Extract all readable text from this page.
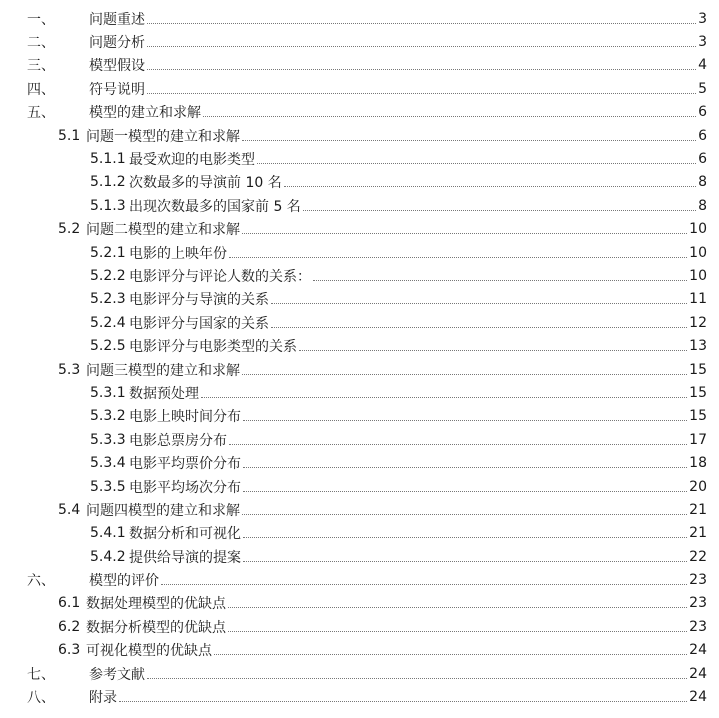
一、 问题重述	3
二、 问题分析	3
三、 模型假设	4
四、 符号说明	5
五、 模型的建立和求解	6
5.1 问题一模型的建立和求解	6
5.1.1 最受欢迎的电影类型	6
5.1.2 次数最多的导演前 10 名	8
5.1.3 出现次数最多的国家前 5 名	8
5.2 问题二模型的建立和求解	10
5.2.1 电影的上映年份	10
5.2.2 电影评分与评论人数的关系：	10
5.2.3 电影评分与导演的关系	11
5.2.4 电影评分与国家的关系	12
5.2.5 电影评分与电影类型的关系	13
5.3 问题三模型的建立和求解	15
5.3.1 数据预处理	15
5.3.2 电影上映时间分布	15
5.3.3 电影总票房分布	17
5.3.4 电影平均票价分布	18
5.3.5 电影平均场次分布	20
5.4 问题四模型的建立和求解	21
5.4.1 数据分析和可视化	21
5.4.2 提供给导演的提案	22
六、 模型的评价	23
6.1 数据处理模型的优缺点	23
6.2 数据分析模型的优缺点	23
6.3 可视化模型的优缺点	24
七、 参考文献	24
八、 附录	24
